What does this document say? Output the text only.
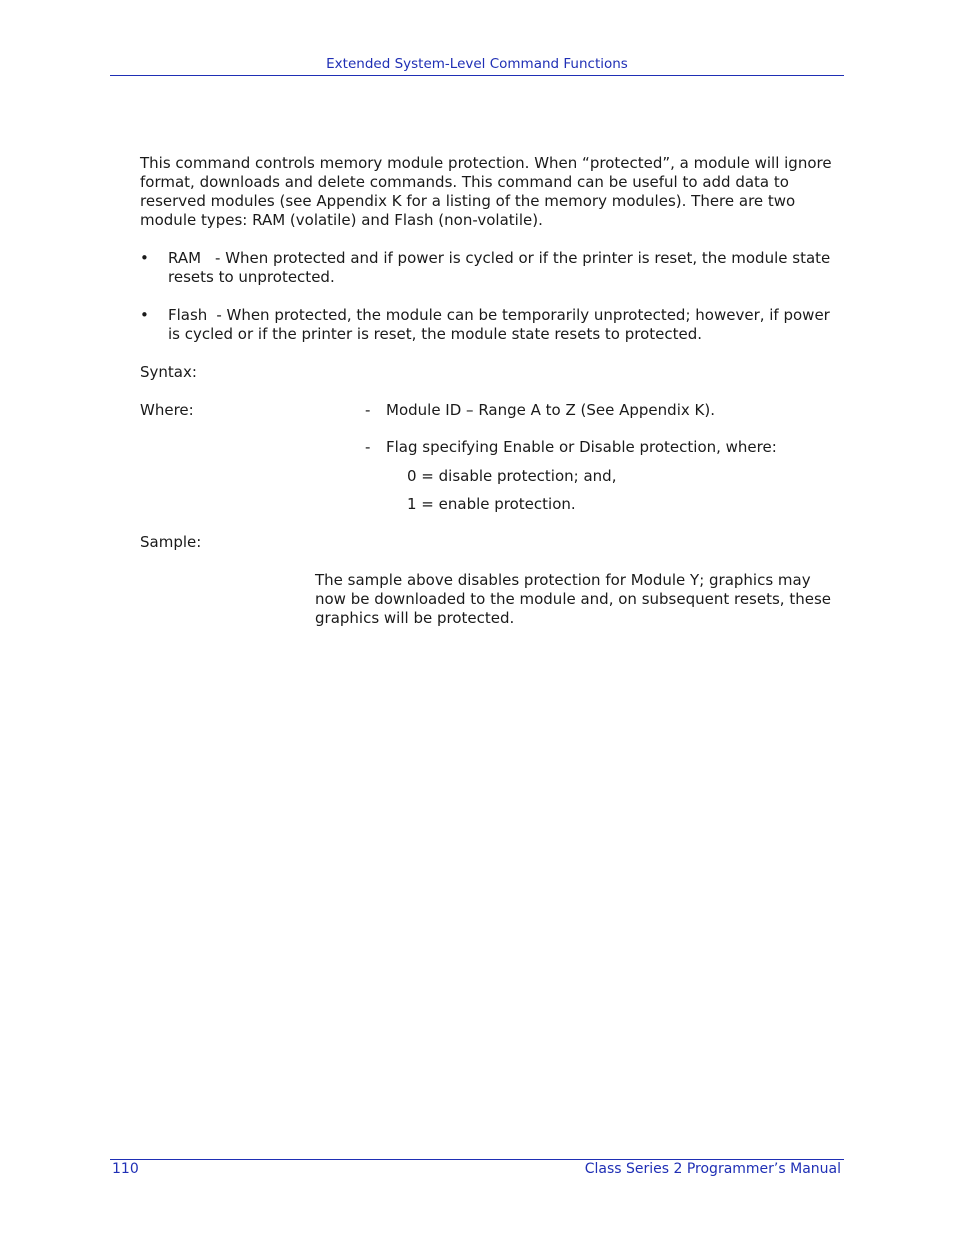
Extended System-Level Command Functions
This command controls memory module protection. When “protected”, a module will ignore format, downloads and delete commands. This command can be useful to add data to reserved modules (see Appendix K for a listing of the memory modules). There are two module types: RAM (volatile) and Flash (non-volatile).
• RAM - When protected and if power is cycled or if the printer is reset, the module state resets to unprotected.
• Flash - When protected, the module can be temporarily unprotected; however, if power is cycled or if the printer is reset, the module state resets to protected.
Syntax:
Where:	- Module ID – Range A to Z (See Appendix K).
- Flag specifying Enable or Disable protection, where:
0 = disable protection; and,
1 = enable protection.
Sample:
The sample above disables protection for Module Y; graphics may now be downloaded to the module and, on subsequent resets, these graphics will be protected.
110	Class Series 2 Programmer’s Manual
